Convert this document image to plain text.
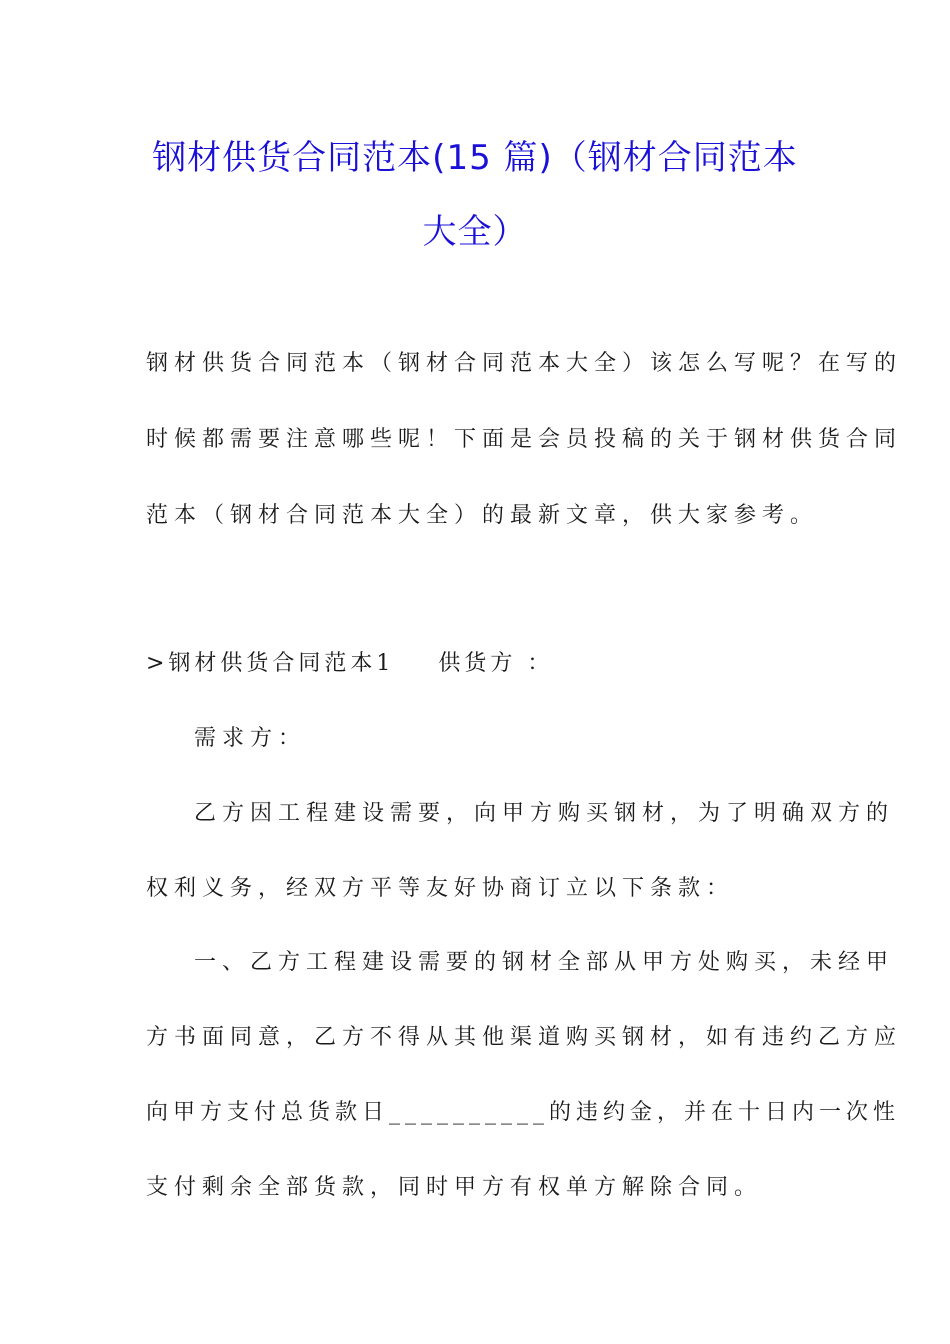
钢材供货合同范本(15 篇)（钢材合同范本
大全）
钢材供货合同范本（钢材合同范本大全）该怎么写呢？在写的
时候都需要注意哪些呢！下面是会员投稿的关于钢材供货合同
范本（钢材合同范本大全）的最新文章，供大家参考。
>钢材供货合同范本1    供货方 ：
需求方：
乙方因工程建设需要，向甲方购买钢材，为了明确双方的
权利义务，经双方平等友好协商订立以下条款：
一、乙方工程建设需要的钢材全部从甲方处购买，未经甲
方书面同意，乙方不得从其他渠道购买钢材，如有违约乙方应
向甲方支付总货款日__________的违约金，并在十日内一次性
支付剩余全部货款，同时甲方有权单方解除合同。
